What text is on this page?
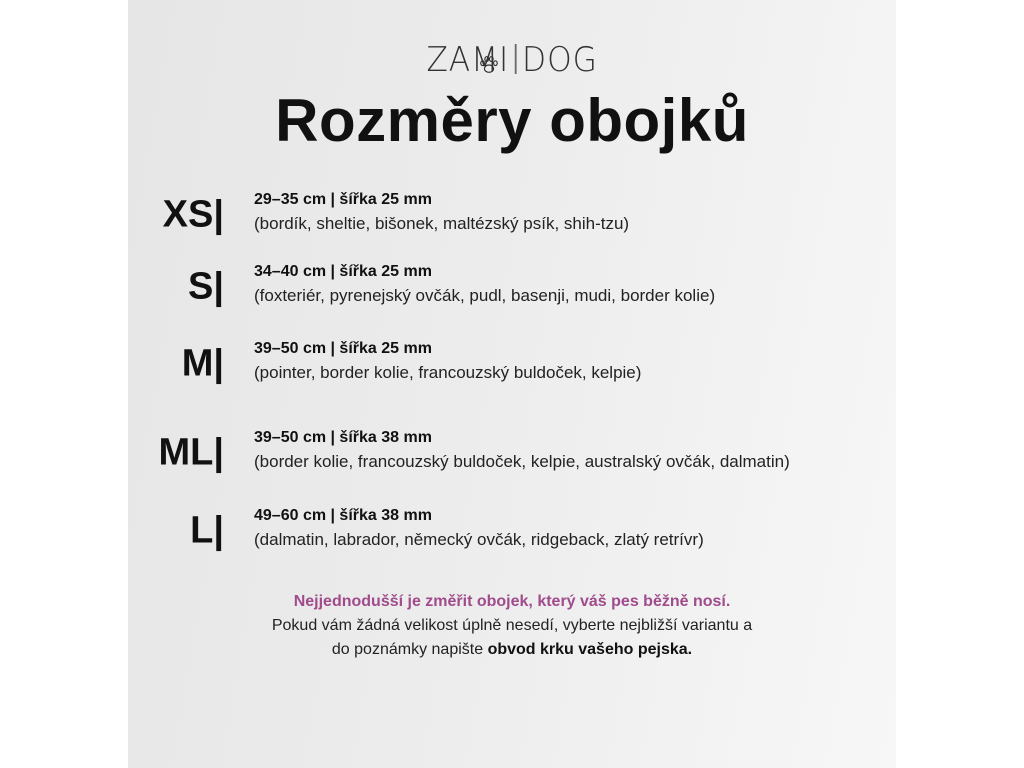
ZAMI DOG
Rozměry obojků
XS| 29–35 cm | šířka 25 mm
(bordík, sheltie, bišonek, maltézský psík, shih-tzu)
S| 34–40 cm | šířka 25 mm
(foxteriér, pyrenejský ovčák, pudl, basenji, mudi, border kolie)
M| 39–50 cm | šířka 25 mm
(pointer, border kolie, francouzský buldoček, kelpie)
ML| 39–50 cm | šířka 38 mm
(border kolie, francouzský buldoček, kelpie, australský ovčák, dalmatin)
L| 49–60 cm | šířka 38 mm
(dalmatin, labrador, německý ovčák, ridgeback, zlatý retrívr)
Nejjednodušší je změřit obojek, který váš pes běžně nosí.
Pokud vám žádná velikost úplně nesedí, vyberte nejbližší variantu a
do poznámky napište obvod krku vašeho pejska.
